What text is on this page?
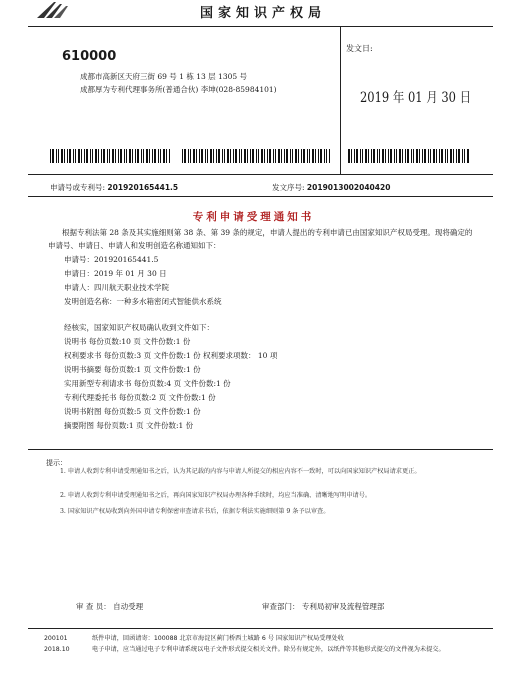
国家知识产权局
610000
成都市高新区天府三街 69 号 1 栋 13 层 1305 号
成都厚为专利代理事务所(普通合伙) 李坤(028-85984101)
发文日:
2019 年 01 月 30 日
申请号或专利号: 201920165441.5	发文序号: 2019013002040420
专利申请受理通知书
根据专利法第 28 条及其实施细则第 38 条、第 39 条的规定，申请人提出的专利申请已由国家知识产权局受理。现将确定的申请号、申请日、申请人和发明创造名称通知如下：
申请号：201920165441.5
申请日：2019 年 01 月 30 日
申请人：四川航天职业技术学院
发明创造名称：一种多水箱密闭式智能供水系统
经核实，国家知识产权局确认收到文件如下：
说明书 每份页数:10 页 文件份数:1 份
权利要求书 每份页数:3 页 文件份数:1 份 权利要求项数： 10 项
说明书摘要 每份页数:1 页 文件份数:1 份
实用新型专利请求书 每份页数:4 页 文件份数:1 份
专利代理委托书 每份页数:2 页 文件份数:1 份
说明书附图 每份页数:5 页 文件份数:1 份
摘要附图 每份页数:1 页 文件份数:1 份
提示：
1. 申请人收到专利申请受理通知书之后，认为其记载的内容与申请人所提交的相应内容不一致时，可以向国家知识产权局请求更正。
2. 申请人收到专利申请受理通知书之后，再向国家知识产权局办理各种手续时，均应当准确、清晰地写明申请号。
3. 国家知识产权局收到向外国申请专利保密审查请求书后，依据专利法实施细则第 9 条予以审查。
审 查 员： 自动受理	审查部门： 专利局初审及流程管理部
200101	纸件申请，回函请寄：100088 北京市海淀区蓟门桥西土城路 6 号 国家知识产权局受理处收
2018.10	电子申请，应当通过电子专利申请系统以电子文件形式提交相关文件。除另有规定外，以纸件等其他形式提交的文件视为未提交。
